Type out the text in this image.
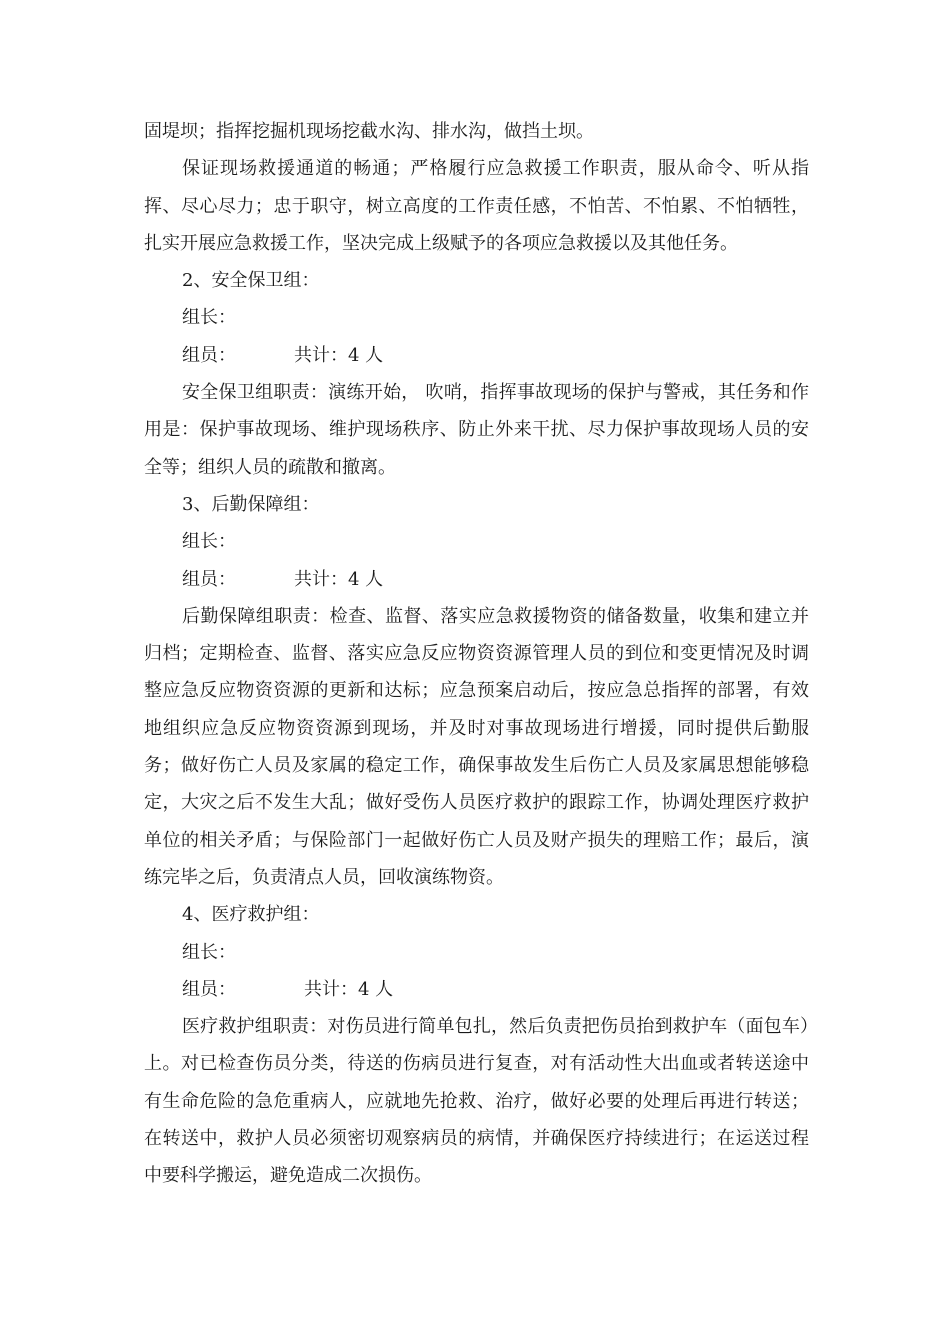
固堤坝；指挥挖掘机现场挖截水沟、排水沟，做挡土坝。

保证现场救援通道的畅通；严格履行应急救援工作职责，服从命令、听从指挥、尽心尽力；忠于职守，树立高度的工作责任感，不怕苦、不怕累、不怕牺牲，扎实开展应急救援工作，坚决完成上级赋予的各项应急救援以及其他任务。

2、安全保卫组：

组长：

组员：	共计：4 人

安全保卫组职责：演练开始， 吹哨，指挥事故现场的保护与警戒，其任务和作用是：保护事故现场、维护现场秩序、防止外来干扰、尽力保护事故现场人员的安全等；组织人员的疏散和撤离。

3、后勤保障组：

组长：

组员：	共计：4 人

后勤保障组职责：检查、监督、落实应急救援物资的储备数量，收集和建立并归档；定期检查、监督、落实应急反应物资资源管理人员的到位和变更情况及时调整应急反应物资资源的更新和达标；应急预案启动后，按应急总指挥的部署，有效地组织应急反应物资资源到现场，并及时对事故现场进行增援，同时提供后勤服务；做好伤亡人员及家属的稳定工作，确保事故发生后伤亡人员及家属思想能够稳定，大灾之后不发生大乱；做好受伤人员医疗救护的跟踪工作，协调处理医疗救护单位的相关矛盾；与保险部门一起做好伤亡人员及财产损失的理赔工作；最后，演练完毕之后，负责清点人员，回收演练物资。

4、医疗救护组：

组长：

组员：	共计：4 人

医疗救护组职责：对伤员进行简单包扎，然后负责把伤员抬到救护车（面包车）上。对已检查伤员分类，待送的伤病员进行复查，对有活动性大出血或者转送途中有生命危险的急危重病人，应就地先抢救、治疗，做好必要的处理后再进行转送；在转送中，救护人员必须密切观察病员的病情，并确保医疗持续进行；在运送过程中要科学搬运，避免造成二次损伤。
